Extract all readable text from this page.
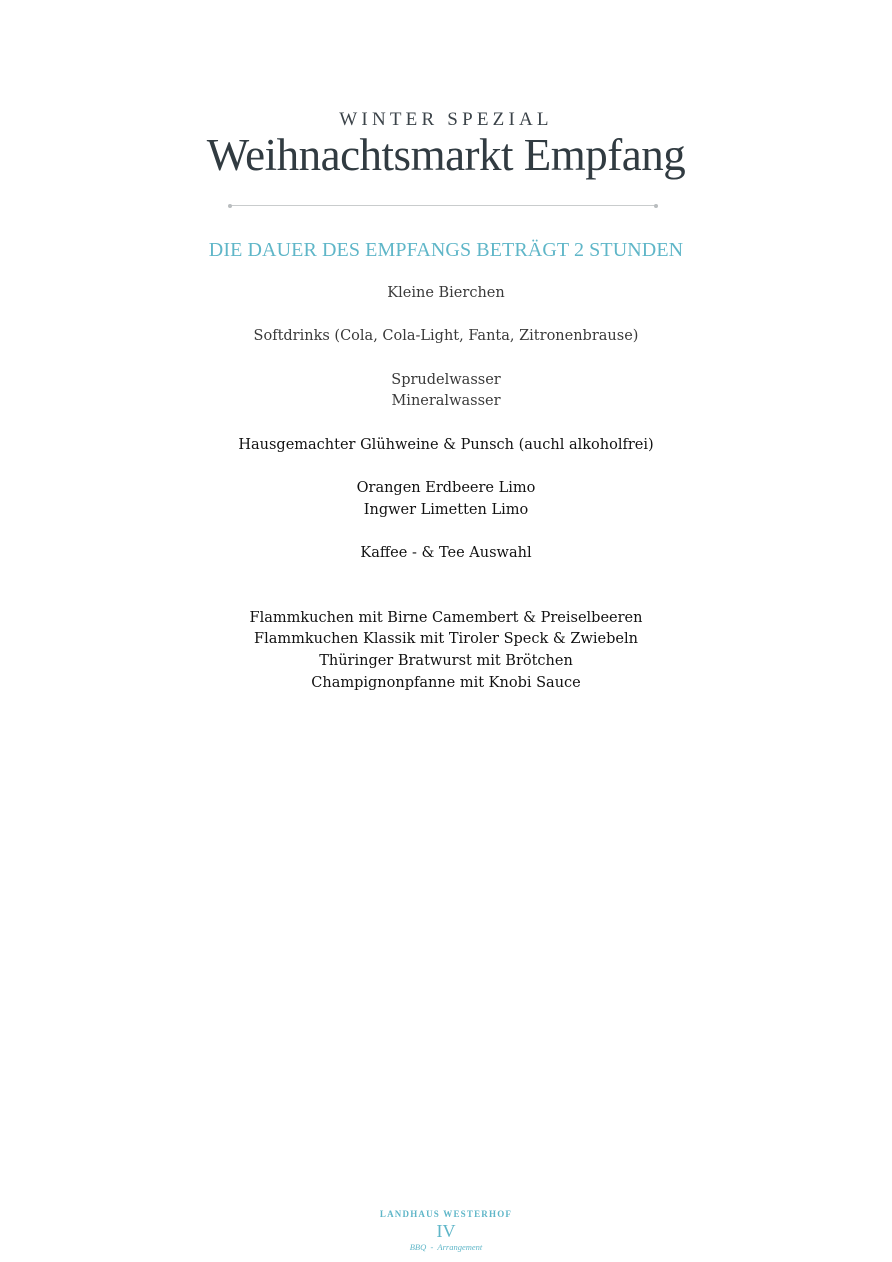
WINTER SPEZIAL
Weihnachtsmarkt Empfang
DIE DAUER DES EMPFANGS BETRÄGT 2 STUNDEN
Kleine Bierchen
Softdrinks (Cola, Cola-Light, Fanta, Zitronenbrause)
Sprudelwasser
Mineralwasser
Hausgemachter Glühweine & Punsch (auchl alkoholfrei)
Orangen Erdbeere Limo
Ingwer Limetten Limo
Kaffee - & Tee Auswahl
Flammkuchen mit Birne Camembert & Preiselbeeren
Flammkuchen Klassik mit Tiroler Speck & Zwiebeln
Thüringer Bratwurst mit Brötchen
Champignonpfanne mit Knobi Sauce
LANDHAUS WESTERHOF
IV
BBQ  -  Arrangement
